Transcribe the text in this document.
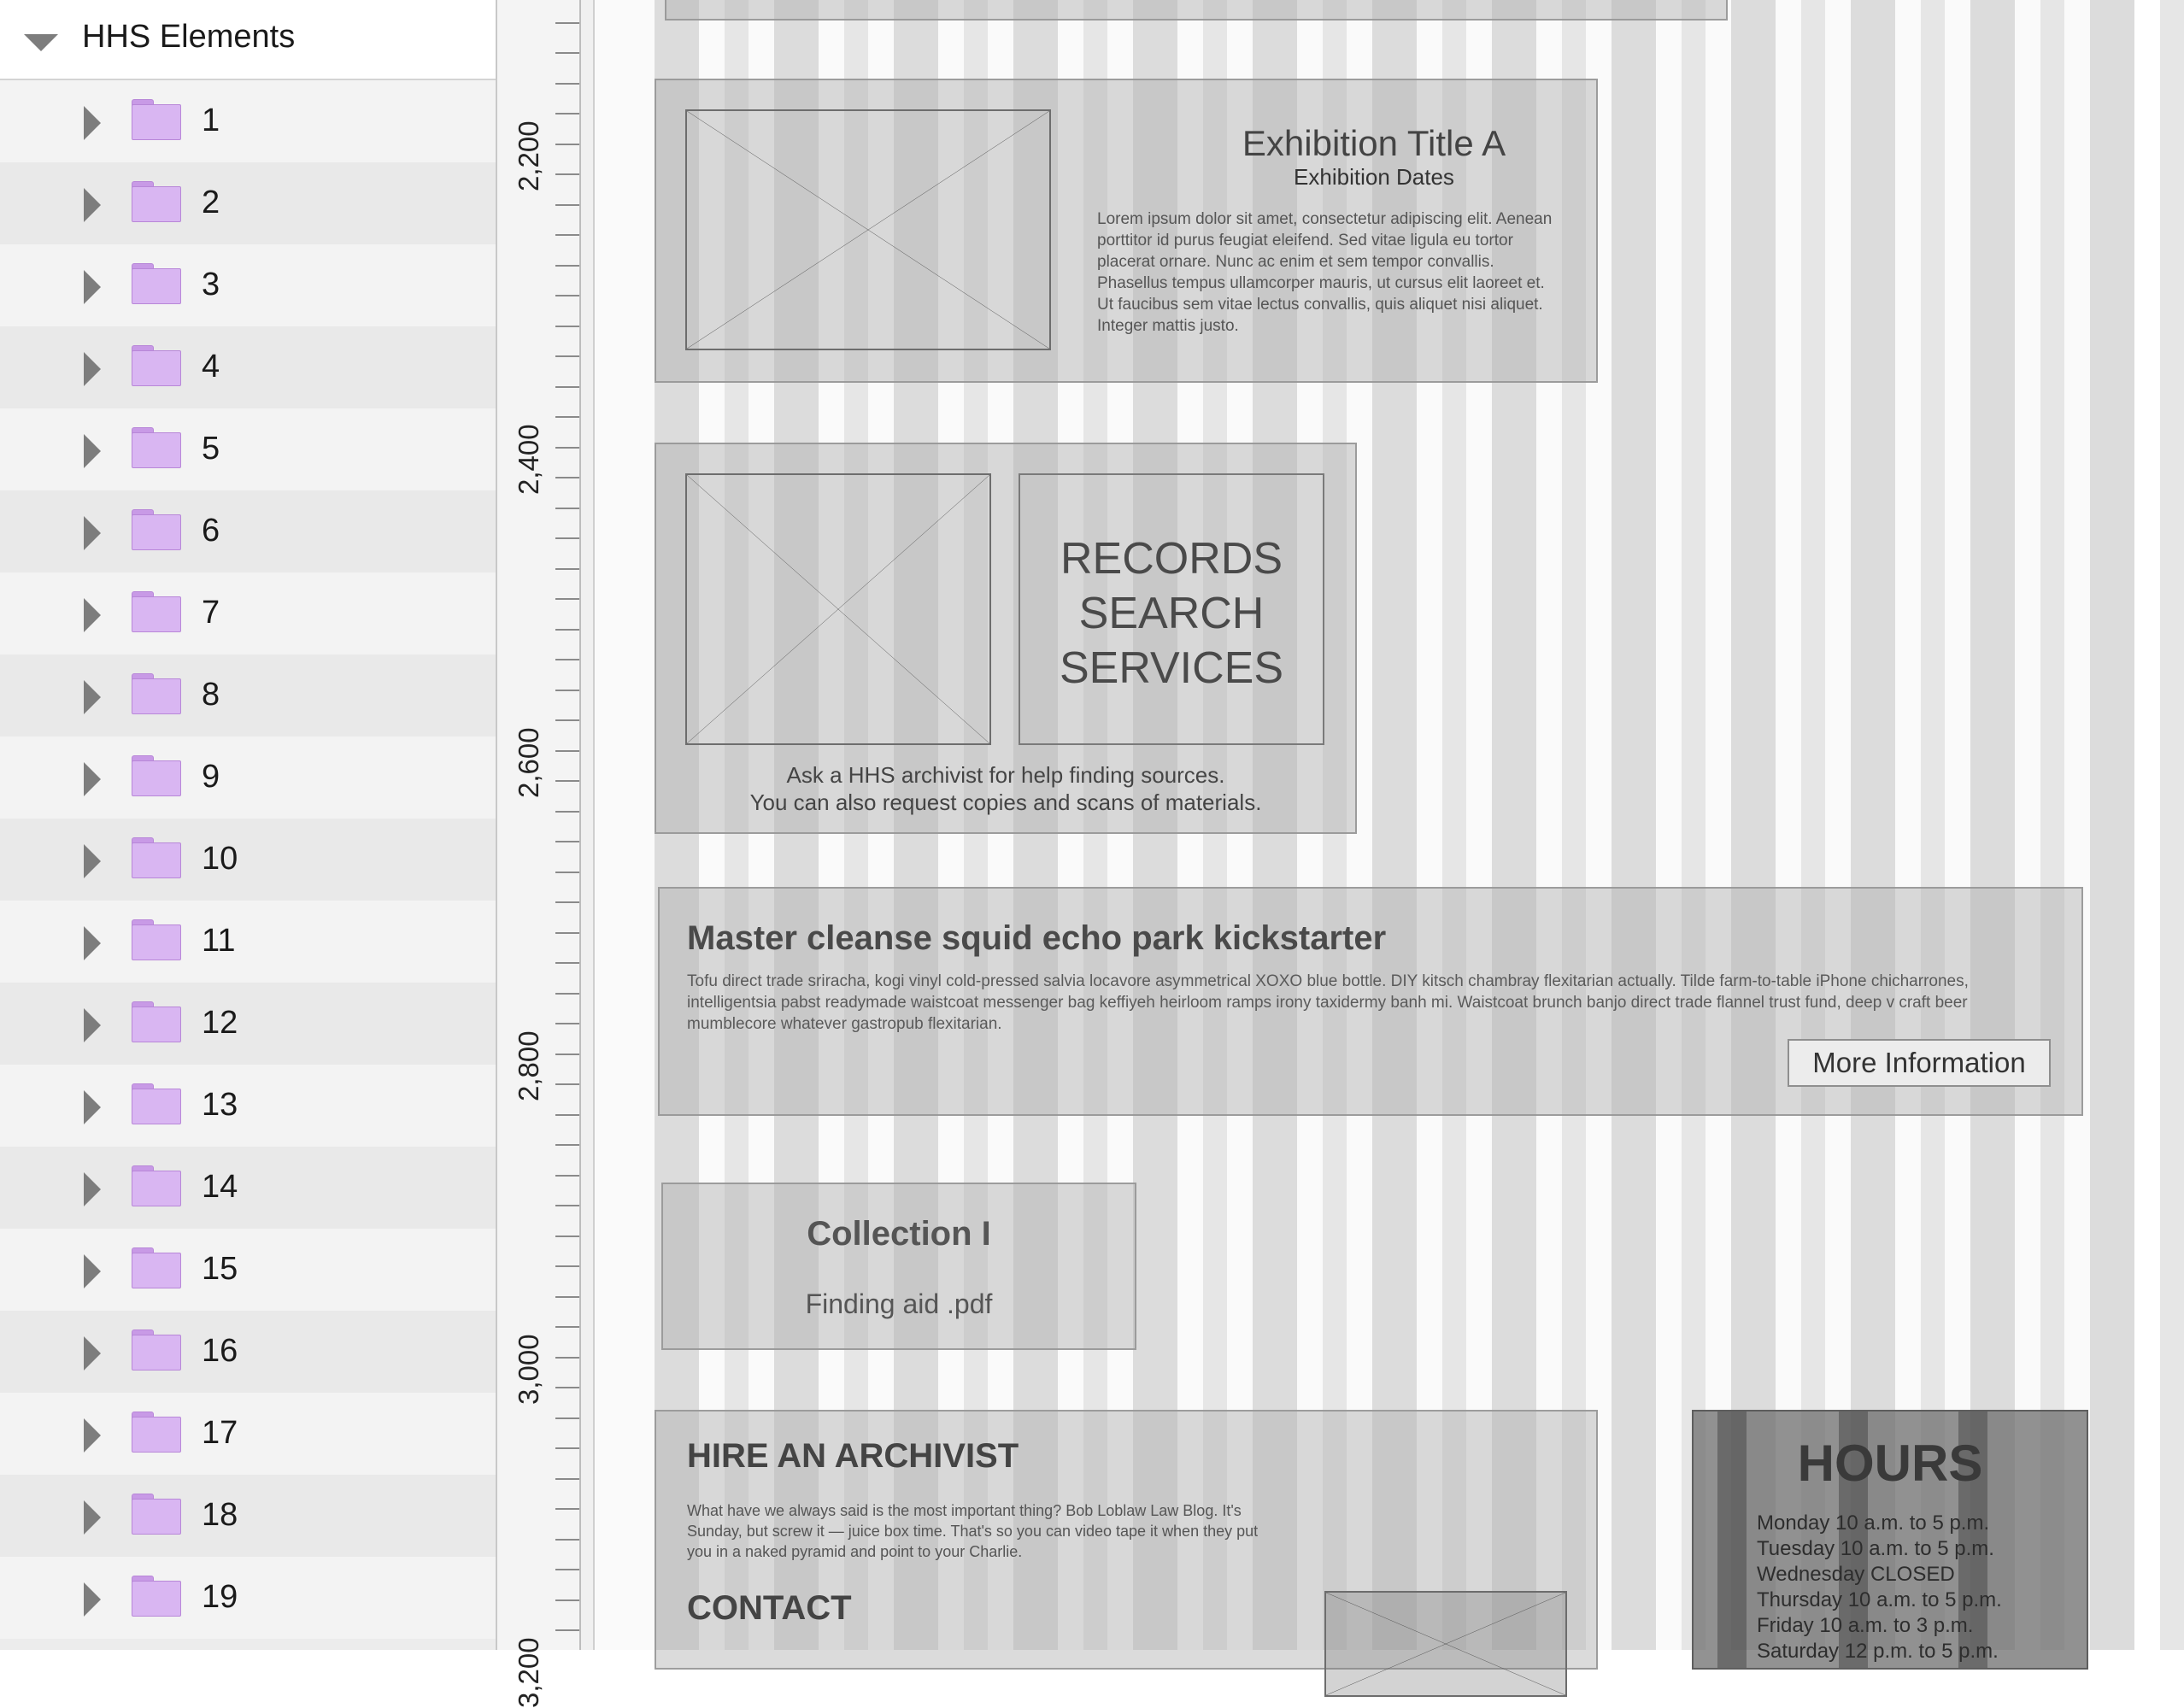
HHS Elements
1
2
3
4
5
6
7
8
9
10
11
12
13
14
15
16
17
18
19
2,200
2,400
2,600
2,800
3,000
3,200
Exhibition Title A
Exhibition Dates
Lorem ipsum dolor sit amet, consectetur adipiscing elit. Aenean porttitor id purus feugiat eleifend. Sed vitae ligula eu tortor placerat ornare. Nunc ac enim et sem tempor convallis. Phasellus tempus ullamcorper mauris, ut cursus elit laoreet et. Ut faucibus sem vitae lectus convallis, quis aliquet nisi aliquet. Integer mattis justo.
RECORDS
SEARCH
SERVICES
Ask a HHS archivist for help finding sources.
You can also request copies and scans of materials.
Master cleanse squid echo park kickstarter
Tofu direct trade sriracha, kogi vinyl cold-pressed salvia locavore asymmetrical XOXO blue bottle. DIY kitsch chambray flexitarian actually. Tilde farm-to-table iPhone chicharrones, intelligentsia pabst readymade waistcoat messenger bag keffiyeh heirloom ramps irony taxidermy banh mi. Waistcoat brunch banjo direct trade flannel trust fund, deep v craft beer mumblecore whatever gastropub flexitarian.
More Information
Collection I
Finding aid .pdf
HIRE AN ARCHIVIST
What have we always said is the most important thing? Bob Loblaw Law Blog. It's Sunday, but screw it — juice box time. That's so you can video tape it when they put you in a naked pyramid and point to your Charlie.
CONTACT
HOURS
Monday 10 a.m. to 5 p.m.
Tuesday 10 a.m. to 5 p.m.
Wednesday CLOSED
Thursday 10 a.m. to 5 p.m.
Friday 10 a.m. to 3 p.m.
Saturday 12 p.m. to 5 p.m.
